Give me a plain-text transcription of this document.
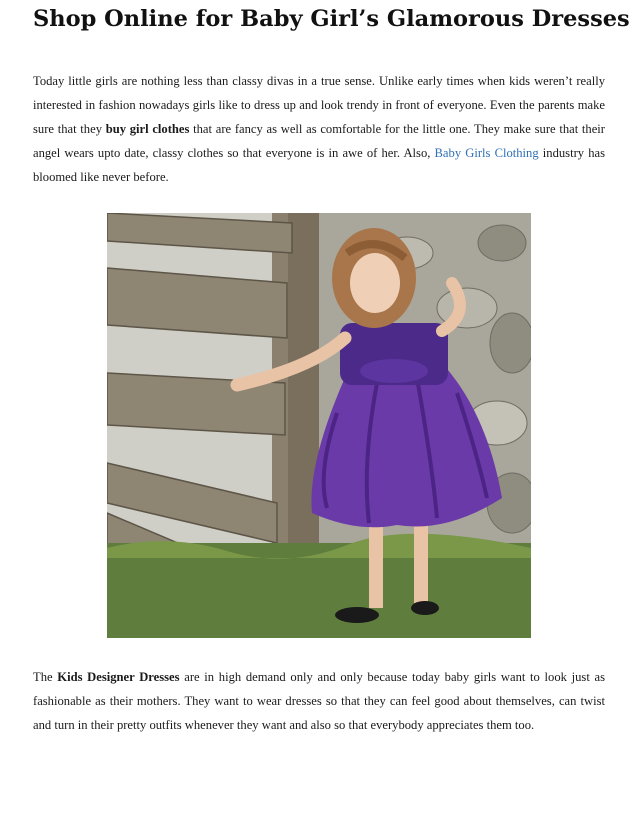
Shop Online for Baby Girl’s Glamorous Dresses

Today little girls are nothing less than classy divas in a true sense. Unlike early times when kids weren’t really interested in fashion nowadays girls like to dress up and look trendy in front of everyone. Even the parents make sure that they buy girl clothes that are fancy as well as comfortable for the little one. They make sure that their angel wears upto date, classy clothes so that everyone is in awe of her. Also, Baby Girls Clothing industry has bloomed like never before.

The Kids Designer Dresses are in high demand only and only because today baby girls want to look just as fashionable as their mothers. They want to wear dresses so that they can feel good about themselves, can twist and turn in their pretty outfits whenever they want and also so that everybody appreciates them too.
